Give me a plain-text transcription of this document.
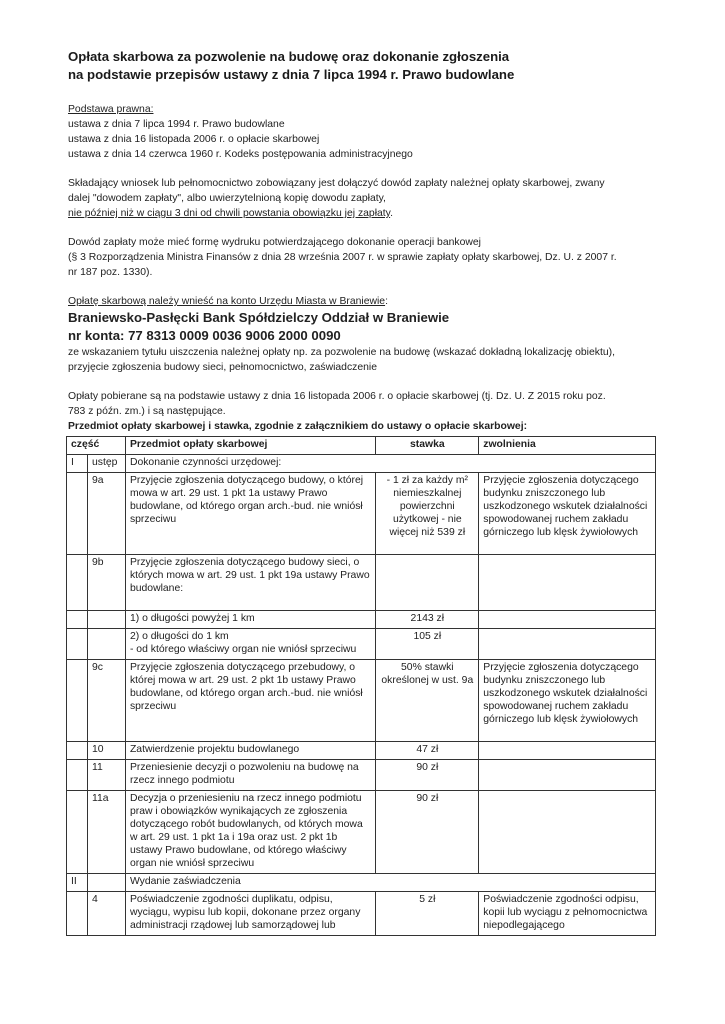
Opłata skarbowa za pozwolenie na budowę oraz dokonanie zgłoszenia

na podstawie przepisów ustawy z dnia 7 lipca 1994 r. Prawo budowlane

Podstawa prawna:

ustawa z dnia 7 lipca 1994 r. Prawo budowlane

ustawa z dnia 16 listopada 2006 r. o opłacie skarbowej

ustawa z dnia 14 czerwca 1960 r. Kodeks postępowania administracyjnego

Składający wniosek lub pełnomocnictwo zobowiązany jest dołączyć dowód zapłaty należnej opłaty skarbowej, zwany

dalej "dowodem zapłaty", albo uwierzytelnioną kopię dowodu zapłaty,

nie później niż w ciągu 3 dni od chwili powstania obowiązku jej zapłaty.

Dowód zapłaty może mieć formę wydruku potwierdzającego dokonanie operacji bankowej

(§ 3 Rozporządzenia Ministra Finansów z dnia 28 września 2007 r. w sprawie zapłaty opłaty skarbowej, Dz. U. z 2007 r.

nr 187 poz. 1330).

Opłatę skarbową należy wnieść na konto Urzędu Miasta w Braniewie:

Braniewsko-Pasłęcki Bank Spółdzielczy Oddział w Braniewie

nr konta: 77 8313 0009 0036 9006 2000 0090

ze wskazaniem tytułu uiszczenia należnej opłaty np. za pozwolenie na budowę (wskazać dokładną lokalizację obiektu),

przyjęcie zgłoszenia budowy sieci, pełnomocnictwo, zaświadczenie

Opłaty pobierane są na podstawie ustawy z dnia 16 listopada 2006 r. o opłacie skarbowej (tj. Dz. U. Z 2015 roku poz.

783 z późn. zm.) i są następujące.

Przedmiot opłaty skarbowej i stawka, zgodnie z załącznikiem do ustawy o opłacie skarbowej:

część		Przedmiot opłaty skarbowej	stawka	zwolnienia
I	ustęp	Dokonanie czynności urzędowej:		
	9a	Przyjęcie zgłoszenia dotyczącego budowy, o której mowa w art. 29 ust. 1 pkt 1a ustawy Prawo budowlane, od którego organ arch.-bud. nie wniósł sprzeciwu	- 1 zł za każdy m² niemieszkalnej powierzchni użytkowej - nie więcej niż 539 zł	Przyjęcie zgłoszenia dotyczącego budynku zniszczonego lub uszkodzonego wskutek działalności spowodowanej ruchem zakładu górniczego lub klęsk żywiołowych
	9b	Przyjęcie zgłoszenia dotyczącego budowy sieci, o których mowa w art. 29 ust. 1 pkt 19a ustawy Prawo budowlane:		
		1) o długości powyżej 1 km	2143 zł	
		2) o długości do 1 km
- od którego właściwy organ nie wniósł sprzeciwu	105 zł	
	9c	Przyjęcie zgłoszenia dotyczącego przebudowy, o której mowa w art. 29 ust. 2 pkt 1b ustawy Prawo budowlane, od którego organ arch.-bud. nie wniósł sprzeciwu	50% stawki określonej w ust. 9a	Przyjęcie zgłoszenia dotyczącego budynku zniszczonego lub uszkodzonego wskutek działalności spowodowanej ruchem zakładu górniczego lub klęsk żywiołowych
	10	Zatwierdzenie projektu budowlanego	47 zł	
	11	Przeniesienie decyzji o pozwoleniu na budowę na rzecz innego podmiotu	90 zł	
	11a	Decyzja o przeniesieniu na rzecz innego podmiotu praw i obowiązków wynikających ze zgłoszenia dotyczącego robót budowlanych, od których mowa w art. 29 ust. 1 pkt 1a i 19a oraz ust. 2 pkt 1b ustawy Prawo budowlane, od którego właściwy organ nie wniósł sprzeciwu	90 zł	
II		Wydanie zaświadczenia		
	4	Poświadczenie zgodności duplikatu, odpisu, wyciągu, wypisu lub kopii, dokonane przez organy administracji rządowej lub samorządowej lub	5 zł	Poświadczenie zgodności odpisu, kopii lub wyciągu z pełnomocnictwa niepodlegającego
